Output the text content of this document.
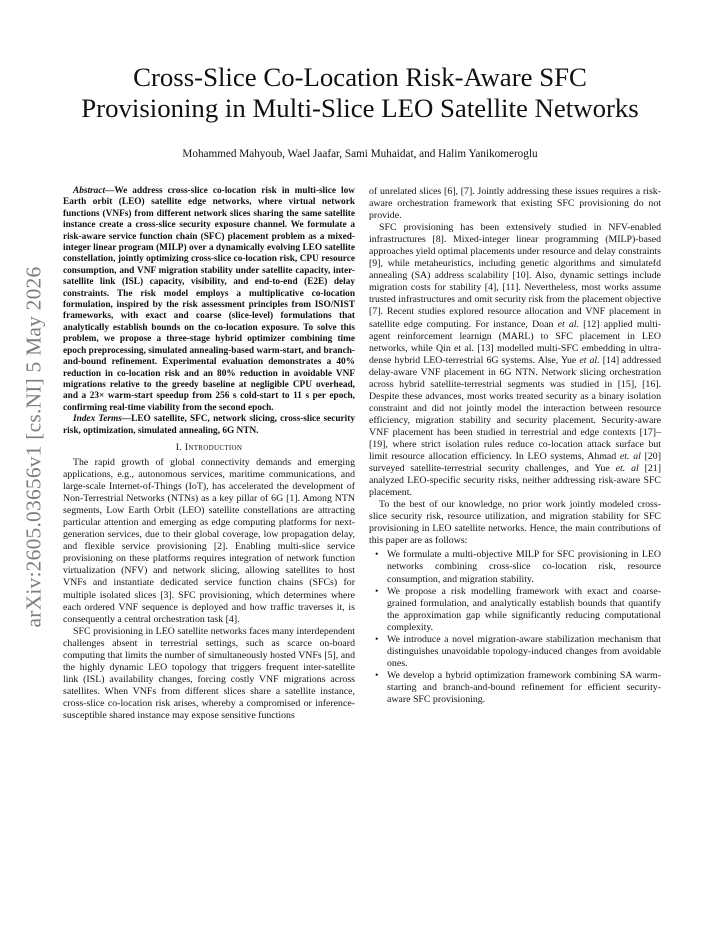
arXiv:2605.03656v1 [cs.NI] 5 May 2026
Cross-Slice Co-Location Risk-Aware SFC
Provisioning in Multi-Slice LEO Satellite Networks
Mohammed Mahyoub, Wael Jaafar, Sami Muhaidat, and Halim Yanikomeroglu

Abstract—We address cross-slice co-location risk in multi-slice low Earth orbit (LEO) satellite edge networks, where virtual network functions (VNFs) from different network slices sharing the same satellite instance create a cross-slice security exposure channel. We formulate a risk-aware service function chain (SFC) placement problem as a mixed-integer linear program (MILP) over a dynamically evolving LEO satellite constellation, jointly optimizing cross-slice co-location risk, CPU resource consumption, and VNF migration stability under satellite capacity, inter-satellite link (ISL) capacity, visibility, and end-to-end (E2E) delay constraints. The risk model employs a multiplicative co-location formulation, inspired by the risk assessment principles from ISO/NIST frameworks, with exact and coarse (slice-level) formulations that analytically establish bounds on the co-location exposure. To solve this problem, we propose a three-stage hybrid optimizer combining time epoch preprocessing, simulated annealing-based warm-start, and branch-and-bound refinement. Experimental evaluation demonstrates a 40% reduction in co-location risk and an 80% reduction in avoidable VNF migrations relative to the greedy baseline at negligible CPU overhead, and a 23× warm-start speedup from 256 s cold-start to 11 s per epoch, confirming real-time viability from the second epoch.

Index Terms—LEO satellite, SFC, network slicing, cross-slice security risk, optimization, simulated annealing, 6G NTN.

I. Introduction

The rapid growth of global connectivity demands and emerging applications, e.g., autonomous services, maritime communications, and large-scale Internet-of-Things (IoT), has accelerated the development of Non-Terrestrial Networks (NTNs) as a key pillar of 6G [1]. Among NTN segments, Low Earth Orbit (LEO) satellite constellations are attracting particular attention and emerging as edge computing platforms for next-generation services, due to their global coverage, low propagation delay, and flexible service provisioning [2]. Enabling multi-slice service provisioning on these platforms requires integration of network function virtualization (NFV) and network slicing, allowing satellites to host VNFs and instantiate dedicated service function chains (SFCs) for multiple isolated slices [3]. SFC provisioning, which determines where each ordered VNF sequence is deployed and how traffic traverses it, is consequently a central orchestration task [4].

SFC provisioning in LEO satellite networks faces many interdependent challenges absent in terrestrial settings, such as scarce on-board computing that limits the number of simultaneously hosted VNFs [5], and the highly dynamic LEO topology that triggers frequent inter-satellite link (ISL) availability changes, forcing costly VNF migrations across satellites. When VNFs from different slices share a satellite instance, cross-slice co-location risk arises, whereby a compromised or inference-susceptible shared instance may expose sensitive functions

of unrelated slices [6], [7]. Jointly addressing these issues requires a risk-aware orchestration framework that existing SFC provisioning do not provide.

SFC provisioning has been extensively studied in NFV-enabled infrastructures [8]. Mixed-integer linear programming (MILP)-based approaches yield optimal placements under resource and delay constraints [9], while metaheuristics, including genetic algorithms and simulatefd annealing (SA) address scalability [10]. Also, dynamic settings include migration costs for stability [4], [11]. Nevertheless, most works assume trusted infrastructures and omit security risk from the placement objective [7]. Recent studies explored resource allocation and VNF placement in satellite edge computing. For instance, Doan et al. [12] applied multi-agent reinforcement learnign (MARL) to SFC placement in LEO networks, while Qin et al. [13] modelled multi-SFC embedding in ultra-dense hybrid LEO-terrestrial 6G systems. Alse, Yue et al. [14] addressed delay-aware VNF placement in 6G NTN. Network slicing orchestration across hybrid satellite-terrestrial segments was studied in [15], [16]. Despite these advances, most works treated security as a binary isolation constraint and did not jointly model the interaction between resource efficiency, migration stability and security placement. Security-aware VNF placement has been studied in terrestrial and edge contexts [17]–[19], where strict isolation rules reduce co-location attack surface but limit resource allocation efficiency. In LEO systems, Ahmad et. al [20] surveyed satellite-terrestrial security challenges, and Yue et. al [21] analyzed LEO-specific security risks, neither addressing risk-aware SFC placement.

To the best of our knowledge, no prior work jointly modeled cross-slice security risk, resource utilization, and migration stability for SFC provisioning in LEO satellite networks. Hence, the main contributions of this paper are as follows:

• We formulate a multi-objective MILP for SFC provisioning in LEO networks combining cross-slice co-location risk, resource consumption, and migration stability.
• We propose a risk modelling framework with exact and coarse-grained formulation, and analytically establish bounds that quantify the approximation gap while significantly reducing computational complexity.
• We introduce a novel migration-aware stabilization mechanism that distinguishes unavoidable topology-induced changes from avoidable ones.
• We develop a hybrid optimization framework combining SA warm-starting and branch-and-bound refinement for efficient security-aware SFC provisioning.
